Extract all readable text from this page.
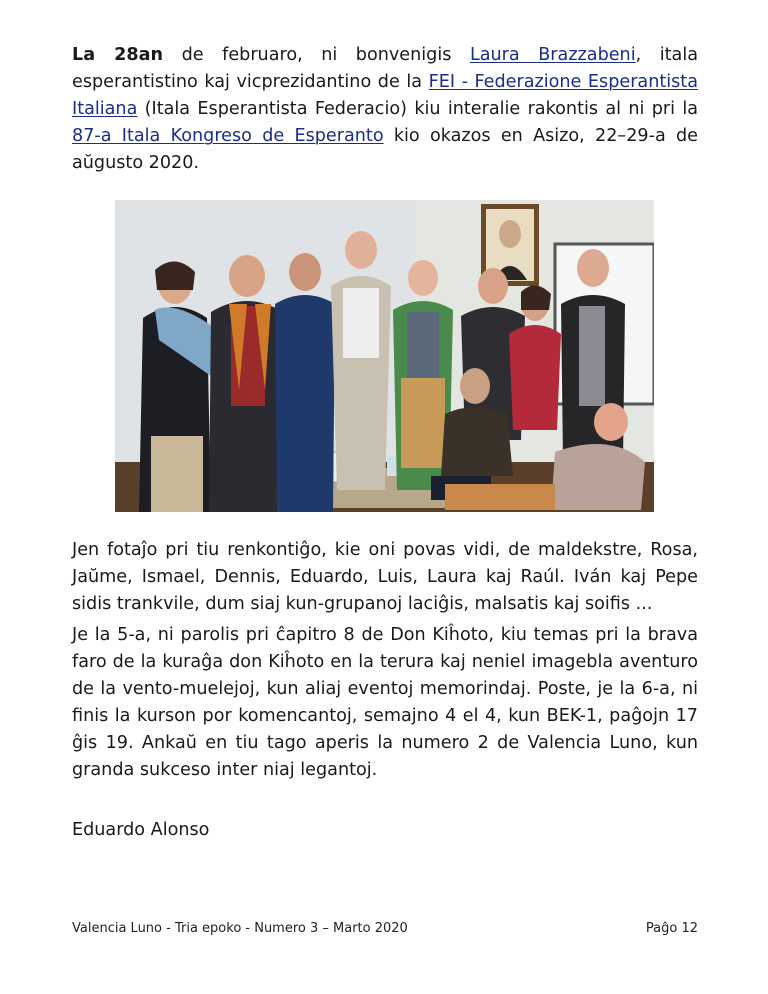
La 28an de februaro, ni bonvenigis Laura Brazzabeni, itala esperantistino kaj vicprezidantino de la FEI - Federazione Esperantista Italiana (Itala Esperantista Federacio) kiu interalie rakontis al ni pri la 87-a Itala Kongreso de Esperanto kio okazos en Asizo, 22–29-a de aŭgusto 2020.

Jen fotaĵo pri tiu renkontiĝo, kie oni povas vidi, de maldekstre, Rosa, Jaŭme, Ismael, Dennis, Eduardo, Luis, Laura kaj Raúl. Iván kaj Pepe sidis trankvile, dum siaj kun-grupanoj laciĝis, malsatis kaj soifis ...

Je la 5-a, ni parolis pri ĉapitro 8 de Don Kiĥoto, kiu temas pri la brava faro de la kuraĝa don Kiĥoto en la terura kaj neniel imagebla aventuro de la vento-muelejoj, kun aliaj eventoj memorindaj. Poste, je la 6-a, ni finis la kurson por komencantoj, semajno 4 el 4, kun BEK-1, paĝojn 17 ĝis 19. Ankaŭ en tiu tago aperis la numero 2 de Valencia Luno, kun granda sukceso inter niaj legantoj.

Eduardo Alonso

Valencia Luno - Tria epoko - Numero 3 – Marto 2020	Paĝo 12
